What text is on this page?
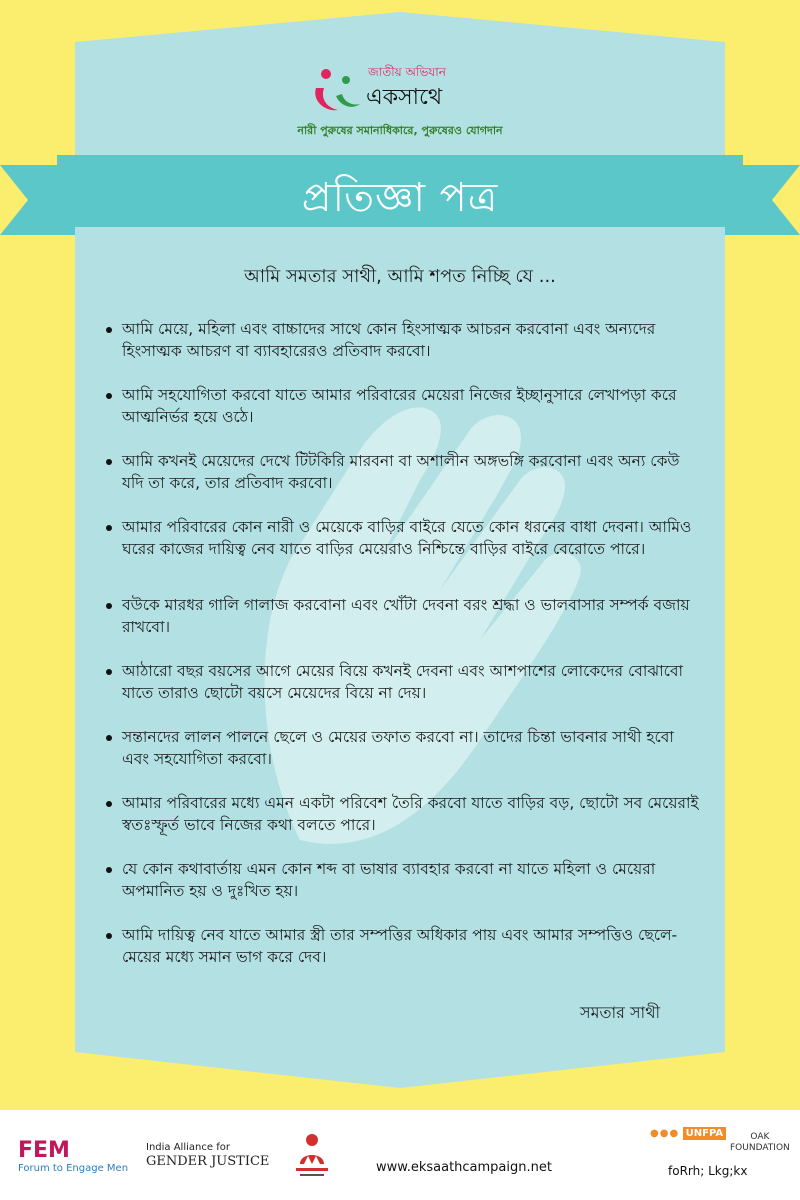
জাতীয় অভিযান
একসাথে
নারী পুরুষের সমানাধিকারে, পুরুষেরও যোগদান
প্রতিজ্ঞা পত্র
আমি সমতার সাথী, আমি শপত নিচ্ছি যে ...
আমি মেয়ে, মহিলা এবং বাচ্চাদের সাথে কোন হিংসাত্মক আচরন করবোনা এবং অন্যদের হিংসাত্মক আচরণ বা ব্যাবহারেরও প্রতিবাদ করবো।
আমি সহযোগিতা করবো যাতে আমার পরিবারের মেয়েরা নিজের ইচ্ছানুসারে লেখাপড়া করে আত্মনির্ভর হয়ে ওঠে।
আমি কখনই মেয়েদের দেখে টিটকিরি মারবনা বা অশালীন অঙ্গভঙ্গি করবোনা এবং অন্য কেউ যদি তা করে, তার প্রতিবাদ করবো।
আমার পরিবারের কোন নারী ও মেয়েকে বাড়ির বাইরে যেতে কোন ধরনের বাধা দেবনা। আমিও ঘরের কাজের দায়িত্ব নেব যাতে বাড়ির মেয়েরাও নিশ্চিন্তে বাড়ির বাইরে বেরোতে পারে।
বউকে মারধর গালি গালাজ করবোনা এবং খোঁটা দেবনা বরং শ্রদ্ধা ও ভালবাসার সম্পর্ক বজায় রাখবো।
আঠারো বছর বয়সের আগে মেয়ের বিয়ে কখনই দেবনা এবং আশপাশের লোকেদের বোঝাবো যাতে তারাও ছোটো বয়সে মেয়েদের বিয়ে না দেয়।
সন্তানদের লালন পালনে ছেলে ও মেয়ের তফাত করবো না। তাদের চিন্তা ভাবনার সাথী হবো এবং সহযোগিতা করবো।
আমার পরিবারের মধ্যে এমন একটা পরিবেশ তৈরি করবো যাতে বাড়ির বড়, ছোটো সব মেয়েরাই স্বতঃস্ফূর্ত ভাবে নিজের কথা বলতে পারে।
যে কোন কথাবার্তায় এমন কোন শব্দ বা ভাষার ব্যাবহার করবো না যাতে মহিলা ও মেয়েরা অপমানিত হয় ও দুঃখিত হয়।
আমি দায়িত্ব নেব যাতে আমার স্ত্রী তার সম্পত্তির অধিকার পায় এবং আমার সম্পত্তিও ছেলে-মেয়ের মধ্যে সমান ভাগ করে দেব।
সমতার সাথী
FEM
Forum to Engage Men
India Alliance for
GENDER JUSTICE	www.eksaathcampaign.net
●●● UNFPA	OAK
FOUNDATION
foRrh; Lkg;kx
